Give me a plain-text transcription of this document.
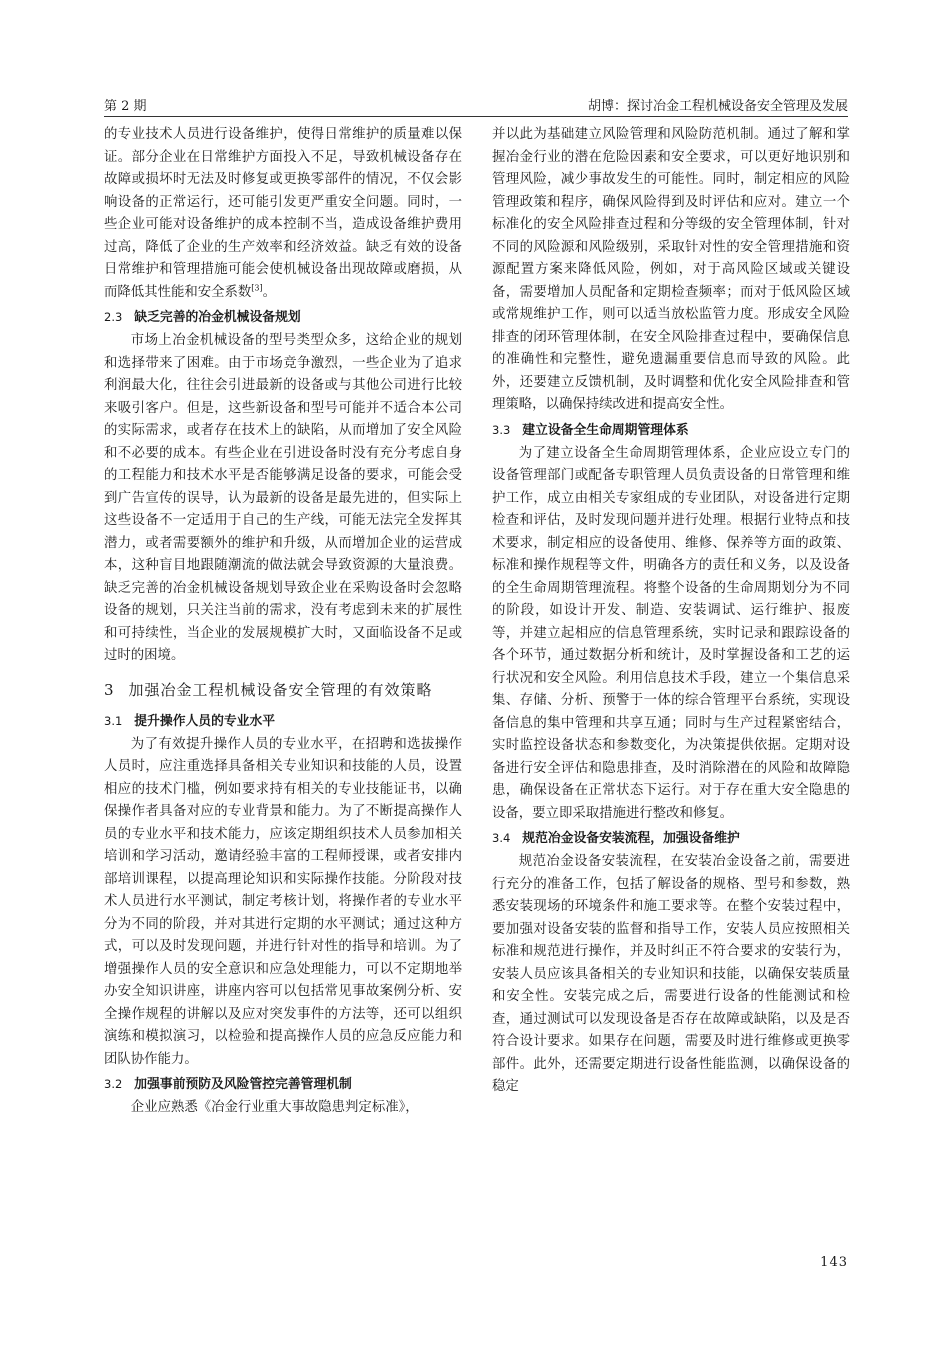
第 2 期	胡博：探讨冶金工程机械设备安全管理及发展

的专业技术人员进行设备维护，使得日常维护的质量难以保证。部分企业在日常维护方面投入不足，导致机械设备存在故障或损坏时无法及时修复或更换零部件的情况，不仅会影响设备的正常运行，还可能引发更严重安全问题。同时，一些企业可能对设备维护的成本控制不当，造成设备维护费用过高，降低了企业的生产效率和经济效益。缺乏有效的设备日常维护和管理措施可能会使机械设备出现故障或磨损，从而降低其性能和安全系数[3]。

2.3 缺乏完善的冶金机械设备规划

市场上冶金机械设备的型号类型众多，这给企业的规划和选择带来了困难。由于市场竞争激烈，一些企业为了追求利润最大化，往往会引进最新的设备或与其他公司进行比较来吸引客户。但是，这些新设备和型号可能并不适合本公司的实际需求，或者存在技术上的缺陷，从而增加了安全风险和不必要的成本。有些企业在引进设备时没有充分考虑自身的工程能力和技术水平是否能够满足设备的要求，可能会受到广告宣传的误导，认为最新的设备是最先进的，但实际上这些设备不一定适用于自己的生产线，可能无法完全发挥其潜力，或者需要额外的维护和升级，从而增加企业的运营成本，这种盲目地跟随潮流的做法就会导致资源的大量浪费。缺乏完善的冶金机械设备规划导致企业在采购设备时会忽略设备的规划，只关注当前的需求，没有考虑到未来的扩展性和可持续性，当企业的发展规模扩大时，又面临设备不足或过时的困境。

3 加强冶金工程机械设备安全管理的有效策略
3.1 提升操作人员的专业水平

为了有效提升操作人员的专业水平，在招聘和选拔操作人员时，应注重选择具备相关专业知识和技能的人员，设置相应的技术门槛，例如要求持有相关的专业技能证书，以确保操作者具备对应的专业背景和能力。为了不断提高操作人员的专业水平和技术能力，应该定期组织技术人员参加相关培训和学习活动，邀请经验丰富的工程师授课，或者安排内部培训课程，以提高理论知识和实际操作技能。分阶段对技术人员进行水平测试，制定考核计划，将操作者的专业水平分为不同的阶段，并对其进行定期的水平测试；通过这种方式，可以及时发现问题，并进行针对性的指导和培训。为了增强操作人员的安全意识和应急处理能力，可以不定期地举办安全知识讲座，讲座内容可以包括常见事故案例分析、安全操作规程的讲解以及应对突发事件的方法等，还可以组织演练和模拟演习，以检验和提高操作人员的应急反应能力和团队协作能力。

3.2 加强事前预防及风险管控完善管理机制

企业应熟悉《冶金行业重大事故隐患判定标准》，

并以此为基础建立风险管理和风险防范机制。通过了解和掌握冶金行业的潜在危险因素和安全要求，可以更好地识别和管理风险，减少事故发生的可能性。同时，制定相应的风险管理政策和程序，确保风险得到及时评估和应对。建立一个标准化的安全风险排查过程和分等级的安全管理体制，针对不同的风险源和风险级别，采取针对性的安全管理措施和资源配置方案来降低风险，例如，对于高风险区域或关键设备，需要增加人员配备和定期检查频率；而对于低风险区域或常规维护工作，则可以适当放松监管力度。形成安全风险排查的闭环管理体制，在安全风险排查过程中，要确保信息的准确性和完整性，避免遗漏重要信息而导致的风险。此外，还要建立反馈机制，及时调整和优化安全风险排查和管理策略，以确保持续改进和提高安全性。

3.3 建立设备全生命周期管理体系

为了建立设备全生命周期管理体系，企业应设立专门的设备管理部门或配备专职管理人员负责设备的日常管理和维护工作，成立由相关专家组成的专业团队，对设备进行定期检查和评估，及时发现问题并进行处理。根据行业特点和技术要求，制定相应的设备使用、维修、保养等方面的政策、标准和操作规程等文件，明确各方的责任和义务，以及设备的全生命周期管理流程。将整个设备的生命周期划分为不同的阶段，如设计开发、制造、安装调试、运行维护、报废等，并建立起相应的信息管理系统，实时记录和跟踪设备的各个环节，通过数据分析和统计，及时掌握设备和工艺的运行状况和安全风险。利用信息技术手段，建立一个集信息采集、存储、分析、预警于一体的综合管理平台系统，实现设备信息的集中管理和共享互通；同时与生产过程紧密结合，实时监控设备状态和参数变化，为决策提供依据。定期对设备进行安全评估和隐患排查，及时消除潜在的风险和故障隐患，确保设备在正常状态下运行。对于存在重大安全隐患的设备，要立即采取措施进行整改和修复。

3.4 规范冶金设备安装流程，加强设备维护

规范冶金设备安装流程，在安装冶金设备之前，需要进行充分的准备工作，包括了解设备的规格、型号和参数，熟悉安装现场的环境条件和施工要求等。在整个安装过程中，要加强对设备安装的监督和指导工作，安装人员应按照相关标准和规范进行操作，并及时纠正不符合要求的安装行为，安装人员应该具备相关的专业知识和技能，以确保安装质量和安全性。安装完成之后，需要进行设备的性能测试和检查，通过测试可以发现设备是否存在故障或缺陷，以及是否符合设计要求。如果存在问题，需要及时进行维修或更换零部件。此外，还需要定期进行设备性能监测，以确保设备的稳定

143
